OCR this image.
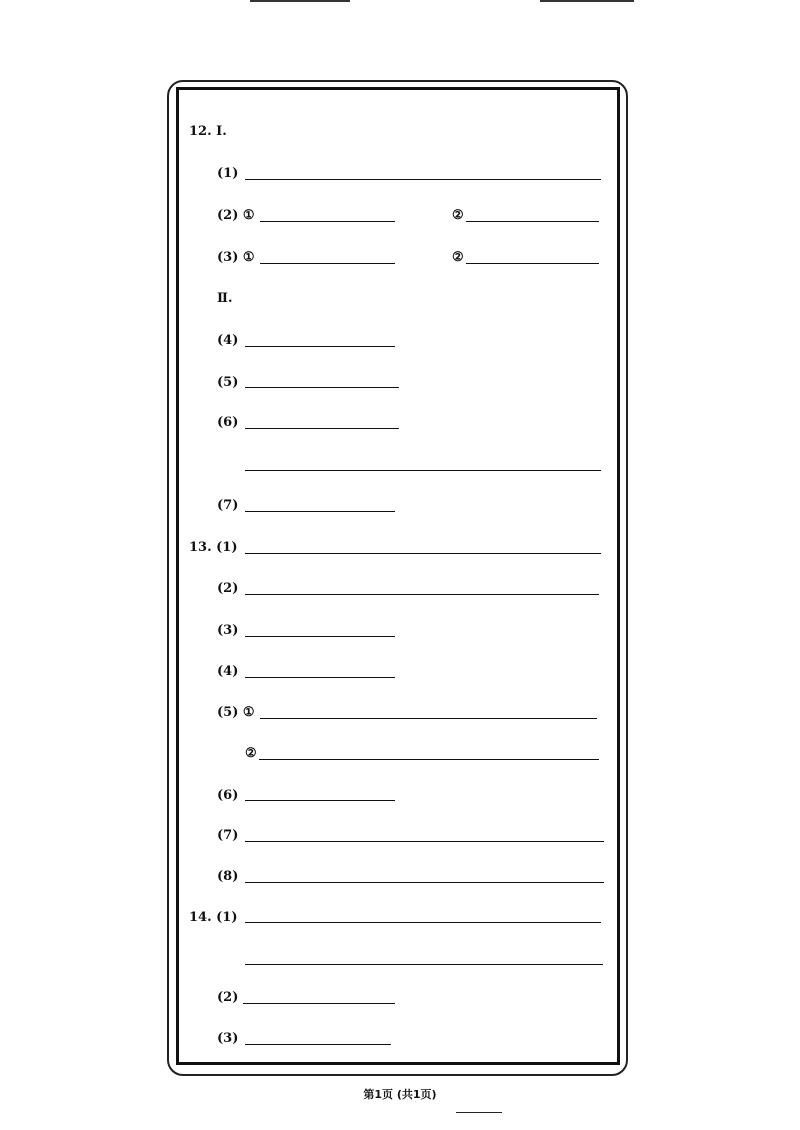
12. Ⅰ.
(1)
(2) ①	②
(3) ①	②
Ⅱ.
(4)
(5)
(6)
(7)
13. (1)
(2)
(3)
(4)
(5) ①
②
(6)
(7)
(8)
14. (1)
(2)
(3)
第1页 (共1页)
